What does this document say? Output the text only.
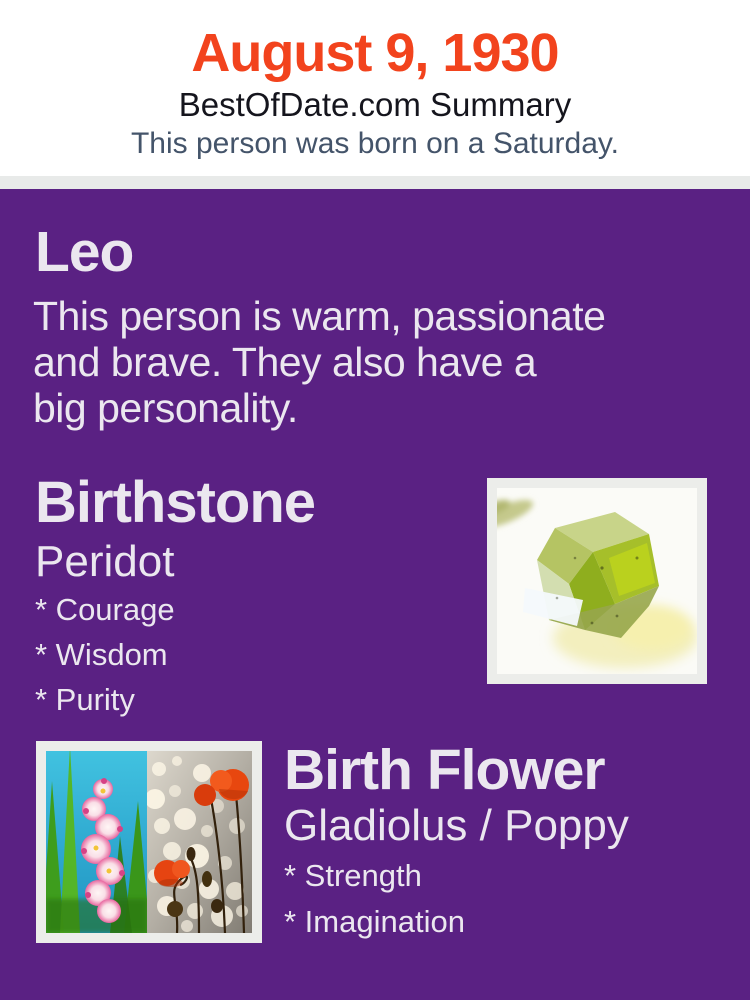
August 9, 1930
BestOfDate.com Summary
This person was born on a Saturday.
Leo
This person is warm, passionate
and brave. They also have a
big personality.
Birthstone
Peridot
* Courage
* Wisdom
* Purity
Birth Flower
Gladiolus / Poppy
* Strength
* Imagination
